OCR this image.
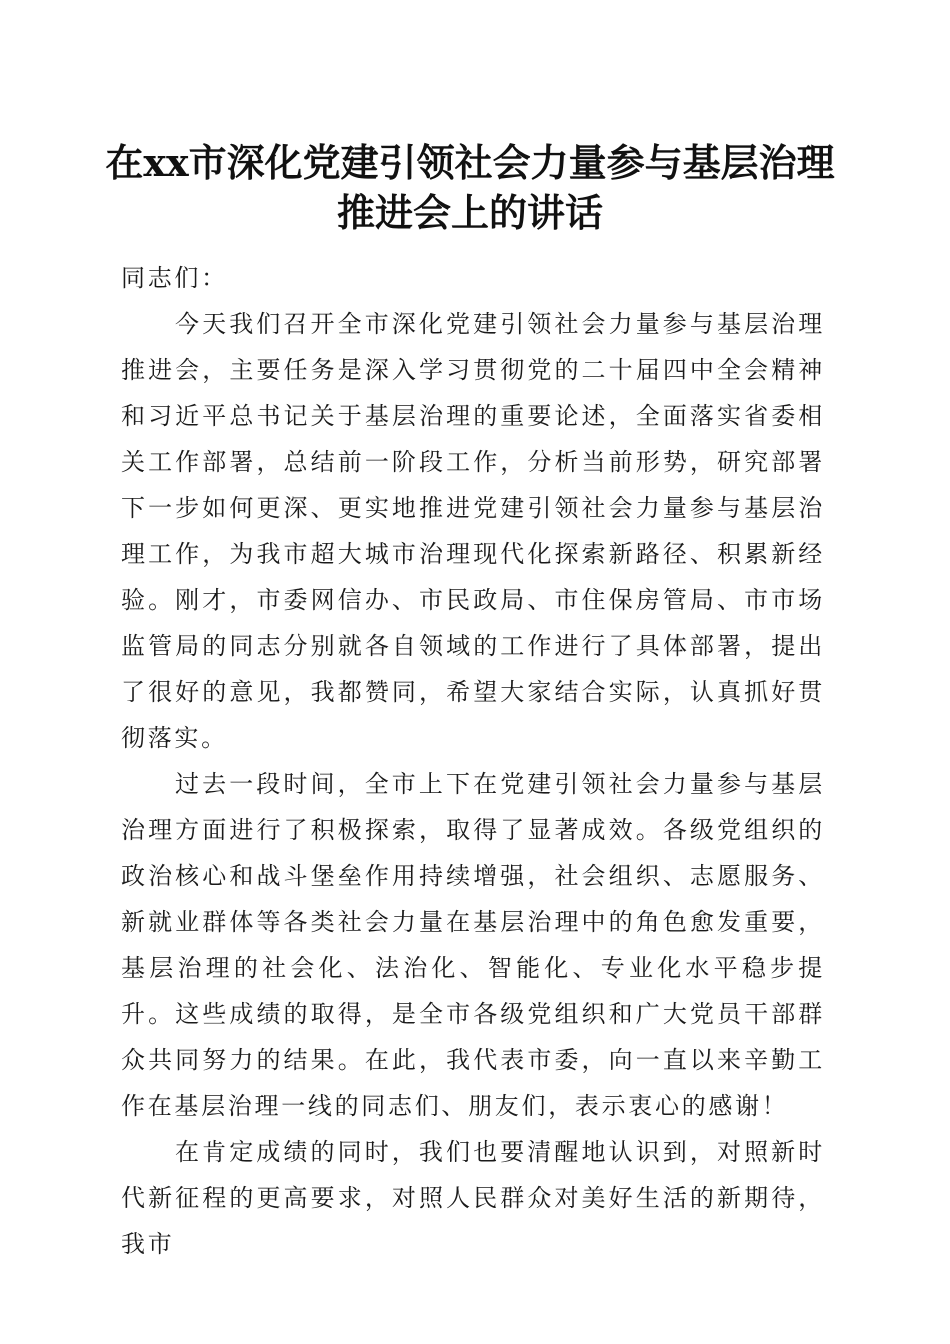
在xx市深化党建引领社会力量参与基层治理
推进会上的讲话

同志们：

今天我们召开全市深化党建引领社会力量参与基层治理推进会，主要任务是深入学习贯彻党的二十届四中全会精神和习近平总书记关于基层治理的重要论述，全面落实省委相关工作部署，总结前一阶段工作，分析当前形势，研究部署下一步如何更深、更实地推进党建引领社会力量参与基层治理工作，为我市超大城市治理现代化探索新路径、积累新经验。刚才，市委网信办、市民政局、市住保房管局、市市场监管局的同志分别就各自领域的工作进行了具体部署，提出了很好的意见，我都赞同，希望大家结合实际，认真抓好贯彻落实。

过去一段时间，全市上下在党建引领社会力量参与基层治理方面进行了积极探索，取得了显著成效。各级党组织的政治核心和战斗堡垒作用持续增强，社会组织、志愿服务、新就业群体等各类社会力量在基层治理中的角色愈发重要，基层治理的社会化、法治化、智能化、专业化水平稳步提升。这些成绩的取得，是全市各级党组织和广大党员干部群众共同努力的结果。在此，我代表市委，向一直以来辛勤工作在基层治理一线的同志们、朋友们，表示衷心的感谢！

在肯定成绩的同时，我们也要清醒地认识到，对照新时代新征程的更高要求，对照人民群众对美好生活的新期待，我市
